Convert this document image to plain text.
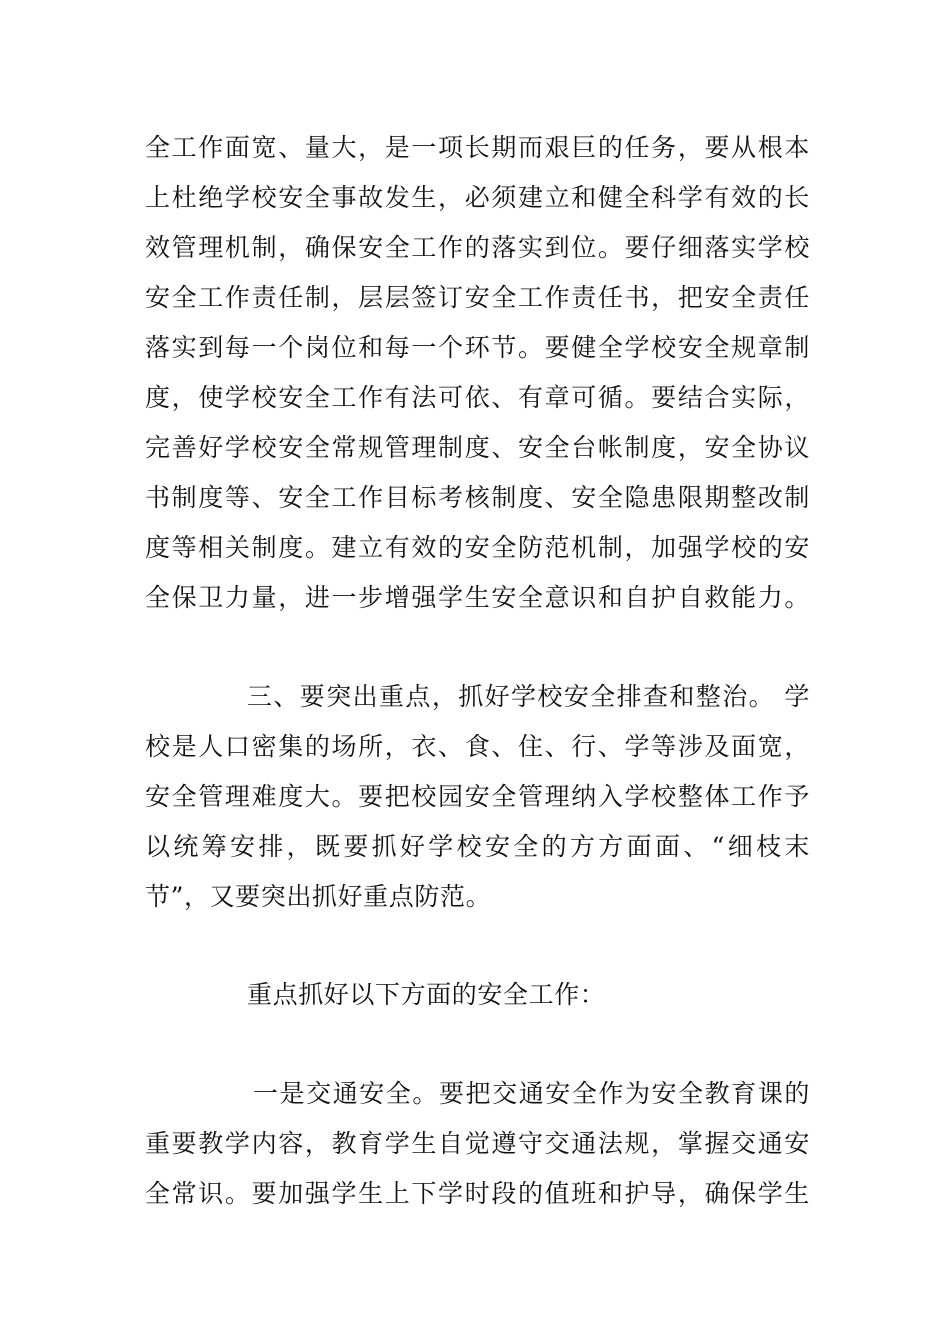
全工作面宽、量大，是一项长期而艰巨的任务，要从根本
上杜绝学校安全事故发生，必须建立和健全科学有效的长
效管理机制，确保安全工作的落实到位。要仔细落实学校
安全工作责任制，层层签订安全工作责任书，把安全责任
落实到每一个岗位和每一个环节。要健全学校安全规章制
度，使学校安全工作有法可依、有章可循。要结合实际，
完善好学校安全常规管理制度、安全台帐制度，安全协议
书制度等、安全工作目标考核制度、安全隐患限期整改制
度等相关制度。建立有效的安全防范机制，加强学校的安
全保卫力量，进一步增强学生安全意识和自护自救能力。
三、要突出重点，抓好学校安全排查和整治。 学
校是人口密集的场所，衣、食、住、行、学等涉及面宽，
安全管理难度大。要把校园安全管理纳入学校整体工作予
以统筹安排，既要抓好学校安全的方方面面、“细枝末
节”，又要突出抓好重点防范。
重点抓好以下方面的安全工作：
一是交通安全。要把交通安全作为安全教育课的
重要教学内容，教育学生自觉遵守交通法规，掌握交通安
全常识。要加强学生上下学时段的值班和护导，确保学生
